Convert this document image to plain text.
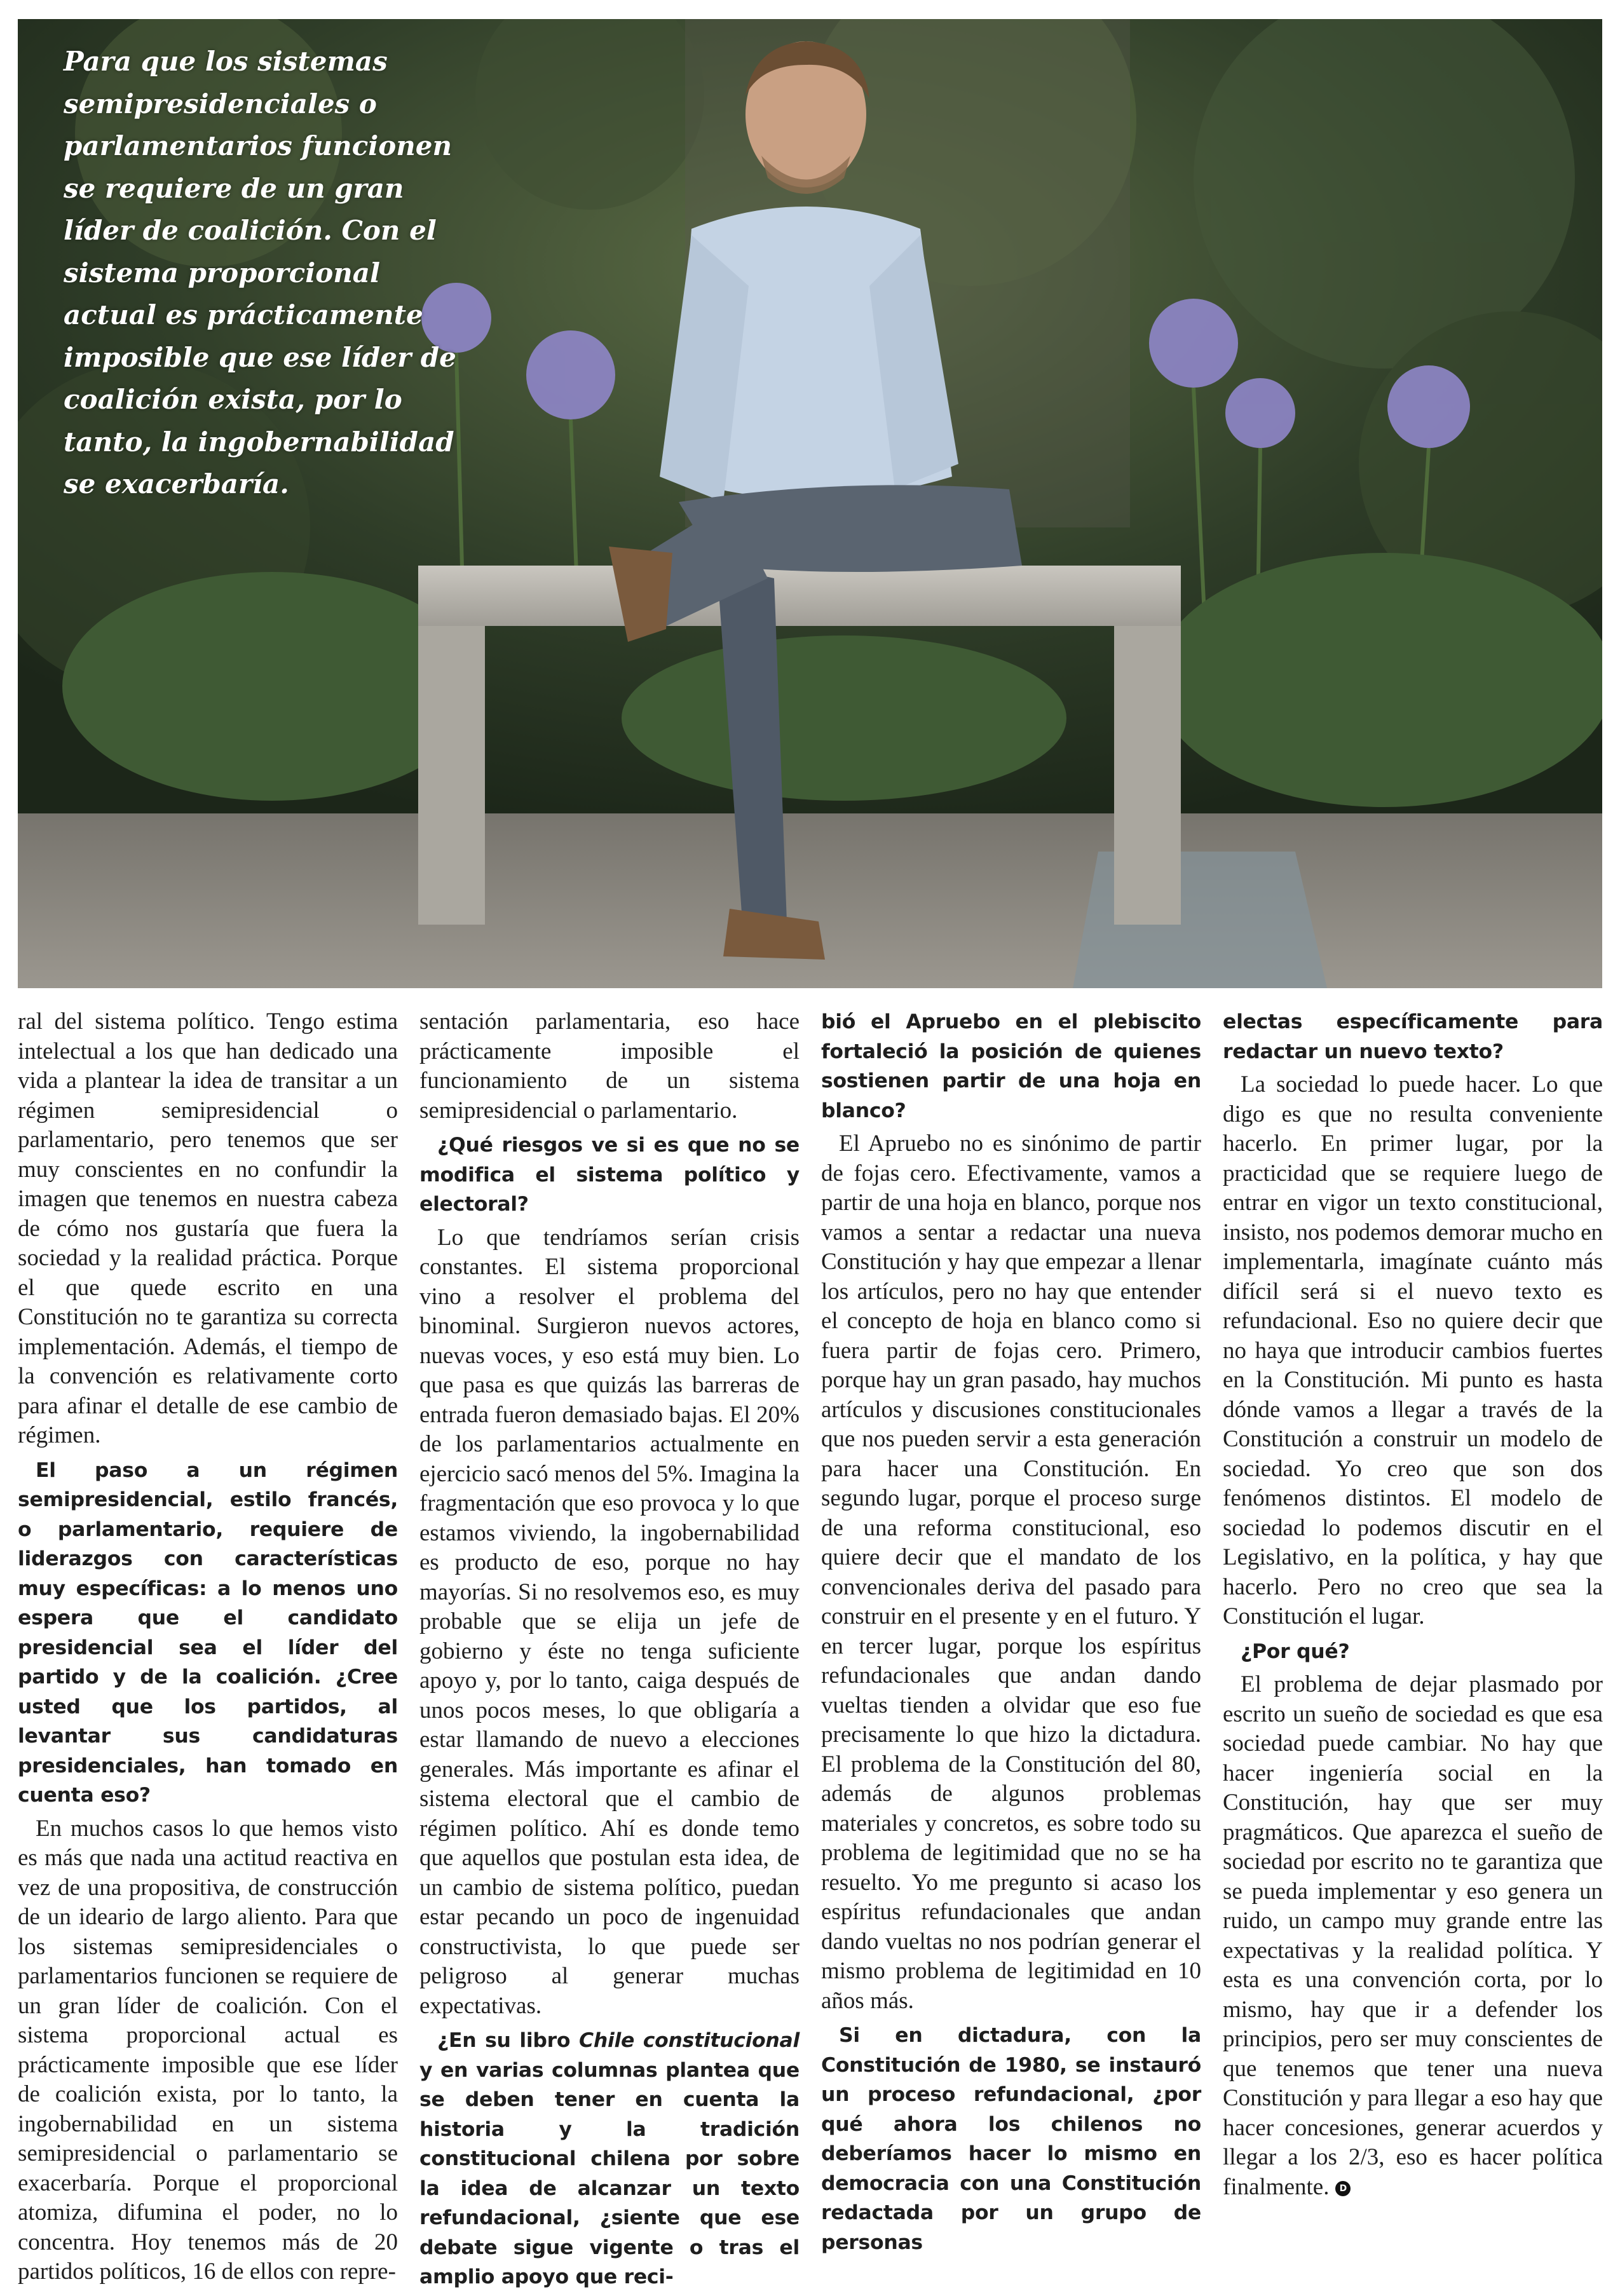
Para que los sistemas semipresidenciales o parlamentarios funcionen se requiere de un gran líder de coalición. Con el sistema proporcional actual es prácticamente imposible que ese líder de coalición exista, por lo tanto, la ingobernabilidad se exacerbaría.

ral del sistema político. Tengo estima intelectual a los que han dedicado una vida a plantear la idea de transitar a un régimen semipresidencial o parlamentario, pero tenemos que ser muy conscientes en no confundir la imagen que tenemos en nuestra cabeza de cómo nos gustaría que fuera la sociedad y la realidad práctica. Porque el que quede escrito en una Constitución no te garantiza su correcta implementación. Además, el tiempo de la convención es relativamente corto para afinar el detalle de ese cambio de régimen.

El paso a un régimen semipresidencial, estilo francés, o parlamentario, requiere de liderazgos con características muy específicas: a lo menos uno espera que el candidato presidencial sea el líder del partido y de la coalición. ¿Cree usted que los partidos, al levantar sus candidaturas presidenciales, han tomado en cuenta eso?

En muchos casos lo que hemos visto es más que nada una actitud reactiva en vez de una propositiva, de construcción de un ideario de largo aliento. Para que los sistemas semipresidenciales o parlamentarios funcionen se requiere de un gran líder de coalición. Con el sistema proporcional actual es prácticamente imposible que ese líder de coalición exista, por lo tanto, la ingobernabilidad en un sistema semipresidencial o parlamentario se exacerbaría. Porque el proporcional atomiza, difumina el poder, no lo concentra. Hoy tenemos más de 20 partidos políticos, 16 de ellos con repre-

sentación parlamentaria, eso hace prácticamente imposible el funcionamiento de un sistema semipresidencial o parlamentario.

¿Qué riesgos ve si es que no se modifica el sistema político y electoral?

Lo que tendríamos serían crisis constantes. El sistema proporcional vino a resolver el problema del binominal. Surgieron nuevos actores, nuevas voces, y eso está muy bien. Lo que pasa es que quizás las barreras de entrada fueron demasiado bajas. El 20% de los parlamentarios actualmente en ejercicio sacó menos del 5%. Imagina la fragmentación que eso provoca y lo que estamos viviendo, la ingobernabilidad es producto de eso, porque no hay mayorías. Si no resolvemos eso, es muy probable que se elija un jefe de gobierno y éste no tenga suficiente apoyo y, por lo tanto, caiga después de unos pocos meses, lo que obligaría a estar llamando de nuevo a elecciones generales. Más importante es afinar el sistema electoral que el cambio de régimen político. Ahí es donde temo que aquellos que postulan esta idea, de un cambio de sistema político, puedan estar pecando un poco de ingenuidad constructivista, lo que puede ser peligroso al generar muchas expectativas.

¿En su libro Chile constitucional y en varias columnas plantea que se deben tener en cuenta la historia y la tradición constitucional chilena por sobre la idea de alcanzar un texto refundacional, ¿siente que ese debate sigue vigente o tras el amplio apoyo que reci-

bió el Apruebo en el plebiscito fortaleció la posición de quienes sostienen partir de una hoja en blanco?

El Apruebo no es sinónimo de partir de fojas cero. Efectivamente, vamos a partir de una hoja en blanco, porque nos vamos a sentar a redactar una nueva Constitución y hay que empezar a llenar los artículos, pero no hay que entender el concepto de hoja en blanco como si fuera partir de fojas cero. Primero, porque hay un gran pasado, hay muchos artículos y discusiones constitucionales que nos pueden servir a esta generación para hacer una Constitución. En segundo lugar, porque el proceso surge de una reforma constitucional, eso quiere decir que el mandato de los convencionales deriva del pasado para construir en el presente y en el futuro. Y en tercer lugar, porque los espíritus refundacionales que andan dando vueltas tienden a olvidar que eso fue precisamente lo que hizo la dictadura. El problema de la Constitución del 80, además de algunos problemas materiales y concretos, es sobre todo su problema de legitimidad que no se ha resuelto. Yo me pregunto si acaso los espíritus refundacionales que andan dando vueltas no nos podrían generar el mismo problema de legitimidad en 10 años más.

Si en dictadura, con la Constitución de 1980, se instauró un proceso refundacional, ¿por qué ahora los chilenos no deberíamos hacer lo mismo en democracia con una Constitución redactada por un grupo de personas

electas específicamente para redactar un nuevo texto?

La sociedad lo puede hacer. Lo que digo es que no resulta conveniente hacerlo. En primer lugar, por la practicidad que se requiere luego de entrar en vigor un texto constitucional, insisto, nos podemos demorar mucho en implementarla, imagínate cuánto más difícil será si el nuevo texto es refundacional. Eso no quiere decir que no haya que introducir cambios fuertes en la Constitución. Mi punto es hasta dónde vamos a llegar a través de la Constitución a construir un modelo de sociedad. Yo creo que son dos fenómenos distintos. El modelo de sociedad lo podemos discutir en el Legislativo, en la política, y hay que hacerlo. Pero no creo que sea la Constitución el lugar.

¿Por qué?

El problema de dejar plasmado por escrito un sueño de sociedad es que esa sociedad puede cambiar. No hay que hacer ingeniería social en la Constitución, hay que ser muy pragmáticos. Que aparezca el sueño de sociedad por escrito no te garantiza que se pueda implementar y eso genera un ruido, un campo muy grande entre las expectativas y la realidad política. Y esta es una convención corta, por lo mismo, hay que ir a defender los principios, pero ser muy conscientes de que tenemos que tener una nueva Constitución y para llegar a eso hay que hacer concesiones, generar acuerdos y llegar a los 2/3, eso es hacer política finalmente. D
